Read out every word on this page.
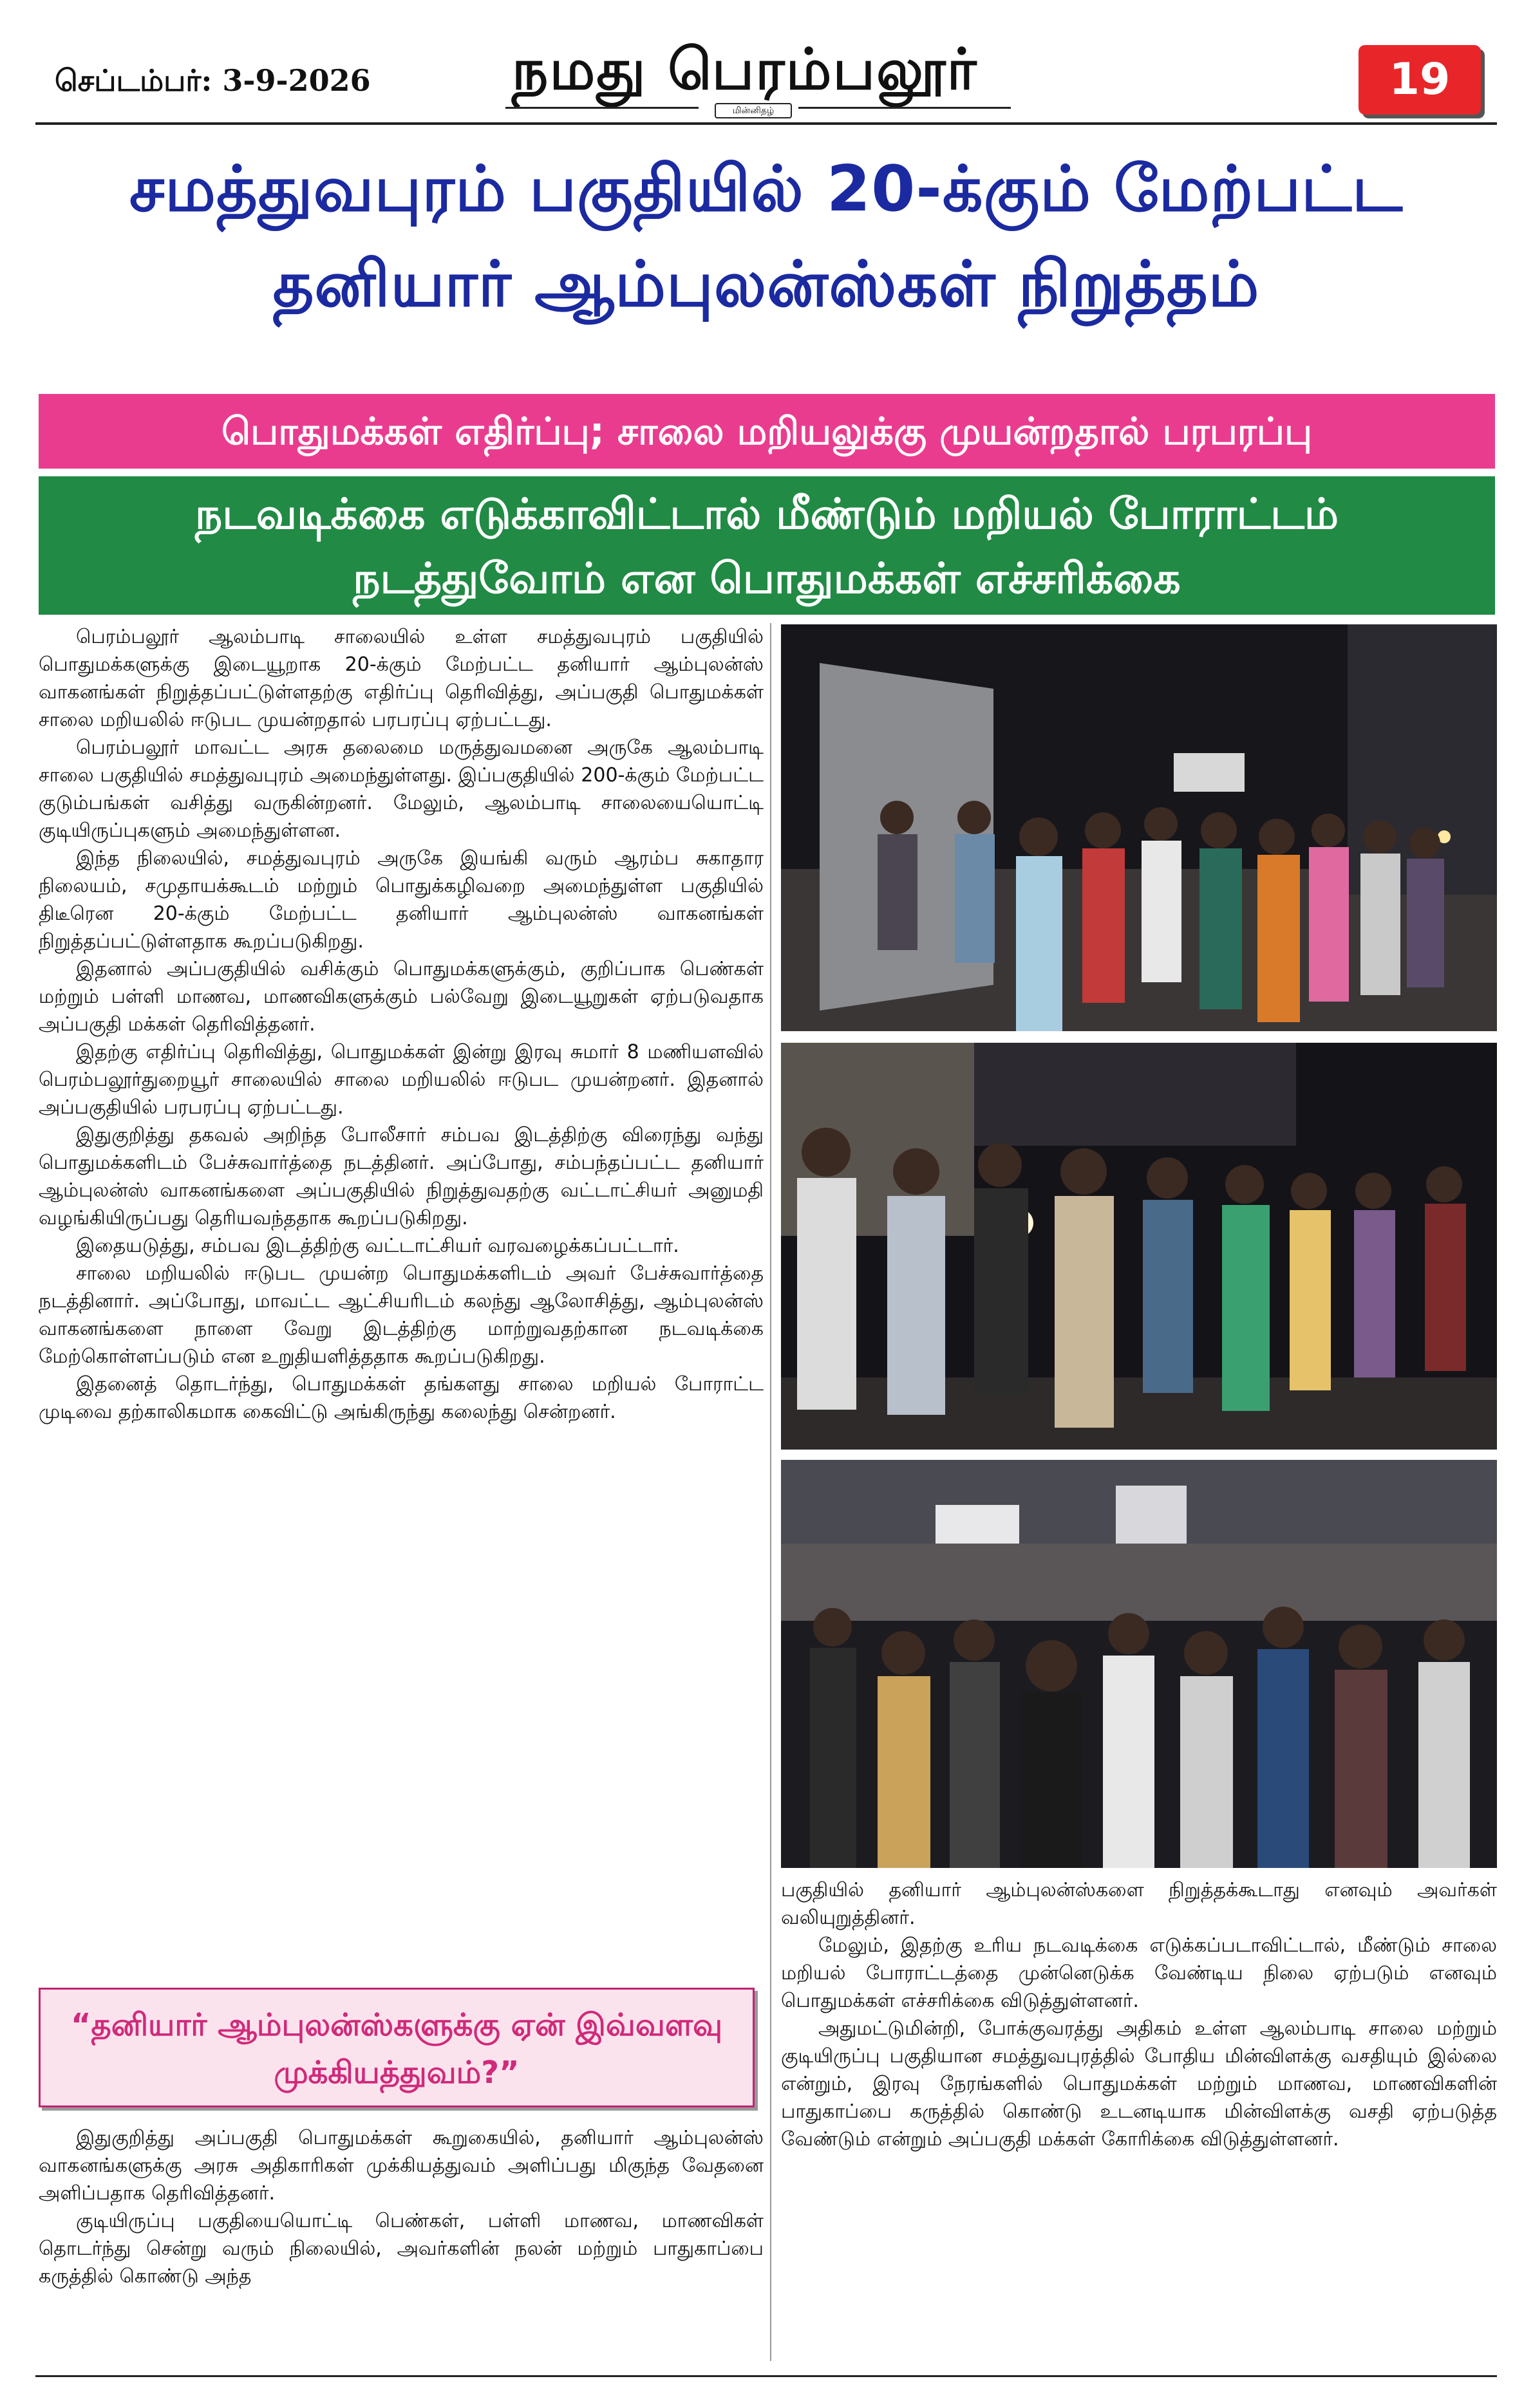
செப்டம்பர்: 3-9-2026 நமது பெரம்பலூர்
மின்னிதழ்
19
சமத்துவபுரம் பகுதியில் 20-க்கும் மேற்பட்ட
தனியார் ஆம்புலன்ஸ்கள் நிறுத்தம்
பொதுமக்கள் எதிர்ப்பு; சாலை மறியலுக்கு முயன்றதால் பரபரப்பு
நடவடிக்கை எடுக்காவிட்டால் மீண்டும் மறியல் போராட்டம்
நடத்துவோம் என பொதுமக்கள் எச்சரிக்கை

பெரம்பலூர் ஆலம்பாடி சாலையில் உள்ள சமத்துவபுரம் பகுதியில் பொதுமக்களுக்கு இடையூறாக 20-க்கும் மேற்பட்ட தனியார் ஆம்புலன்ஸ் வாகனங்கள் நிறுத்தப்பட்டுள்ளதற்கு எதிர்ப்பு தெரிவித்து, அப்பகுதி பொதுமக்கள் சாலை மறியலில் ஈடுபட முயன்றதால் பரபரப்பு ஏற்பட்டது.

பெரம்பலூர் மாவட்ட அரசு தலைமை மருத்துவமனை அருகே ஆலம்பாடி சாலை பகுதியில் சமத்துவபுரம் அமைந்துள்ளது. இப்பகுதியில் 200-க்கும் மேற்பட்ட குடும்பங்கள் வசித்து வருகின்றனர். மேலும், ஆலம்பாடி சாலையையொட்டி குடியிருப்புகளும் அமைந்துள்ளன.

இந்த நிலையில், சமத்துவபுரம் அருகே இயங்கி வரும் ஆரம்ப சுகாதார நிலையம், சமுதாயக்கூடம் மற்றும் பொதுக்கழிவறை அமைந்துள்ள பகுதியில் திடீரென 20-க்கும் மேற்பட்ட தனியார் ஆம்புலன்ஸ் வாகனங்கள் நிறுத்தப்பட்டுள்ளதாக கூறப்படுகிறது.

இதனால் அப்பகுதியில் வசிக்கும் பொதுமக்களுக்கும், குறிப்பாக பெண்கள் மற்றும் பள்ளி மாணவ, மாணவிகளுக்கும் பல்வேறு இடையூறுகள் ஏற்படுவதாக அப்பகுதி மக்கள் தெரிவித்தனர்.

இதற்கு எதிர்ப்பு தெரிவித்து, பொதுமக்கள் இன்று இரவு சுமார் 8 மணியளவில் பெரம்பலூர்துறையூர் சாலையில் சாலை மறியலில் ஈடுபட முயன்றனர். இதனால் அப்பகுதியில் பரபரப்பு ஏற்பட்டது.

இதுகுறித்து தகவல் அறிந்த போலீசார் சம்பவ இடத்திற்கு விரைந்து வந்து பொதுமக்களிடம் பேச்சுவார்த்தை நடத்தினர். அப்போது, சம்பந்தப்பட்ட தனியார் ஆம்புலன்ஸ் வாகனங்களை அப்பகுதியில் நிறுத்துவதற்கு வட்டாட்சியர் அனுமதி வழங்கியிருப்பது தெரியவந்ததாக கூறப்படுகிறது.

இதையடுத்து, சம்பவ இடத்திற்கு வட்டாட்சியர் வரவழைக்கப்பட்டார்.

சாலை மறியலில் ஈடுபட முயன்ற பொதுமக்களிடம் அவர் பேச்சுவார்த்தை நடத்தினார். அப்போது, மாவட்ட ஆட்சியரிடம் கலந்து ஆலோசித்து, ஆம்புலன்ஸ் வாகனங்களை நாளை வேறு இடத்திற்கு மாற்றுவதற்கான நடவடிக்கை மேற்கொள்ளப்படும் என உறுதியளித்ததாக கூறப்படுகிறது.

இதனைத் தொடர்ந்து, பொதுமக்கள் தங்களது சாலை மறியல் போராட்ட முடிவை தற்காலிகமாக கைவிட்டு அங்கிருந்து கலைந்து சென்றனர்.

“தனியார் ஆம்புலன்ஸ்களுக்கு ஏன் இவ்வளவு முக்கியத்துவம்?”

இதுகுறித்து அப்பகுதி பொதுமக்கள் கூறுகையில், தனியார் ஆம்புலன்ஸ் வாகனங்களுக்கு அரசு அதிகாரிகள் முக்கியத்துவம் அளிப்பது மிகுந்த வேதனை அளிப்பதாக தெரிவித்தனர்.

குடியிருப்பு பகுதியையொட்டி பெண்கள், பள்ளி மாணவ, மாணவிகள் தொடர்ந்து சென்று வரும் நிலையில், அவர்களின் நலன் மற்றும் பாதுகாப்பை கருத்தில் கொண்டு அந்த

பகுதியில் தனியார் ஆம்புலன்ஸ்களை நிறுத்தக்கூடாது எனவும் அவர்கள் வலியுறுத்தினர்.

மேலும், இதற்கு உரிய நடவடிக்கை எடுக்கப்படாவிட்டால், மீண்டும் சாலை மறியல் போராட்டத்தை முன்னெடுக்க வேண்டிய நிலை ஏற்படும் எனவும் பொதுமக்கள் எச்சரிக்கை விடுத்துள்ளனர்.

அதுமட்டுமின்றி, போக்குவரத்து அதிகம் உள்ள ஆலம்பாடி சாலை மற்றும் குடியிருப்பு பகுதியான சமத்துவபுரத்தில் போதிய மின்விளக்கு வசதியும் இல்லை என்றும், இரவு நேரங்களில் பொதுமக்கள் மற்றும் மாணவ, மாணவிகளின் பாதுகாப்பை கருத்தில் கொண்டு உடனடியாக மின்விளக்கு வசதி ஏற்படுத்த வேண்டும் என்றும் அப்பகுதி மக்கள் கோரிக்கை விடுத்துள்ளனர்.
